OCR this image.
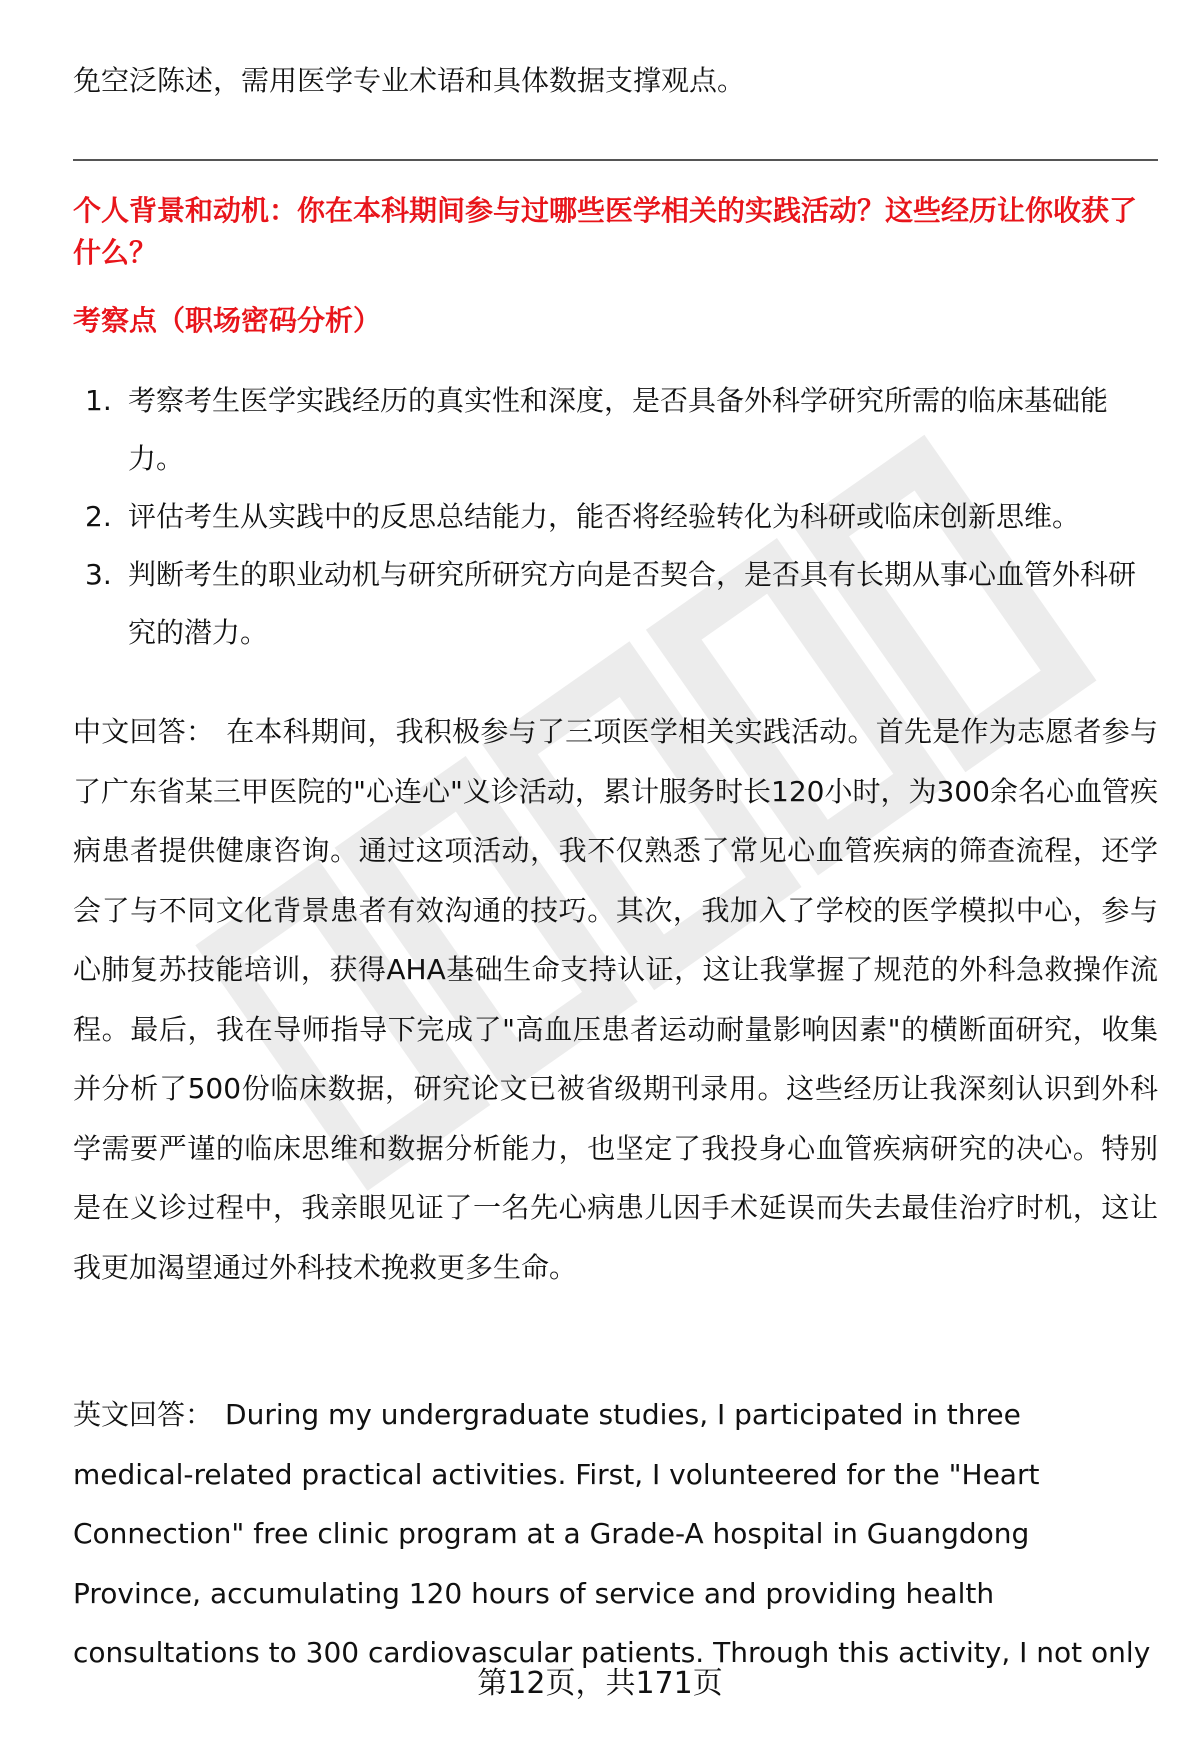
免空泛陈述，需用医学专业术语和具体数据支撑观点。
个人背景和动机：你在本科期间参与过哪些医学相关的实践活动？这些经历让你收获了什么？
考察点（职场密码分析）
1. 考察考生医学实践经历的真实性和深度，是否具备外科学研究所需的临床基础能力。
2. 评估考生从实践中的反思总结能力，能否将经验转化为科研或临床创新思维。
3. 判断考生的职业动机与研究所研究方向是否契合，是否具有长期从事心血管外科研究的潜力。
中文回答： 在本科期间，我积极参与了三项医学相关实践活动。首先是作为志愿者参与了广东省某三甲医院的"心连心"义诊活动，累计服务时长120小时，为300余名心血管疾病患者提供健康咨询。通过这项活动，我不仅熟悉了常见心血管疾病的筛查流程，还学会了与不同文化背景患者有效沟通的技巧。其次，我加入了学校的医学模拟中心，参与心肺复苏技能培训，获得AHA基础生命支持认证，这让我掌握了规范的外科急救操作流程。最后，我在导师指导下完成了"高血压患者运动耐量影响因素"的横断面研究，收集并分析了500份临床数据，研究论文已被省级期刊录用。这些经历让我深刻认识到外科学需要严谨的临床思维和数据分析能力，也坚定了我投身心血管疾病研究的决心。特别是在义诊过程中，我亲眼见证了一名先心病患儿因手术延误而失去最佳治疗时机，这让我更加渴望通过外科技术挽救更多生命。
英文回答： During my undergraduate studies, I participated in three
medical-related practical activities. First, I volunteered for the "Heart
Connection" free clinic program at a Grade-A hospital in Guangdong
Province, accumulating 120 hours of service and providing health
consultations to 300 cardiovascular patients. Through this activity, I not only
第12页，共171页
